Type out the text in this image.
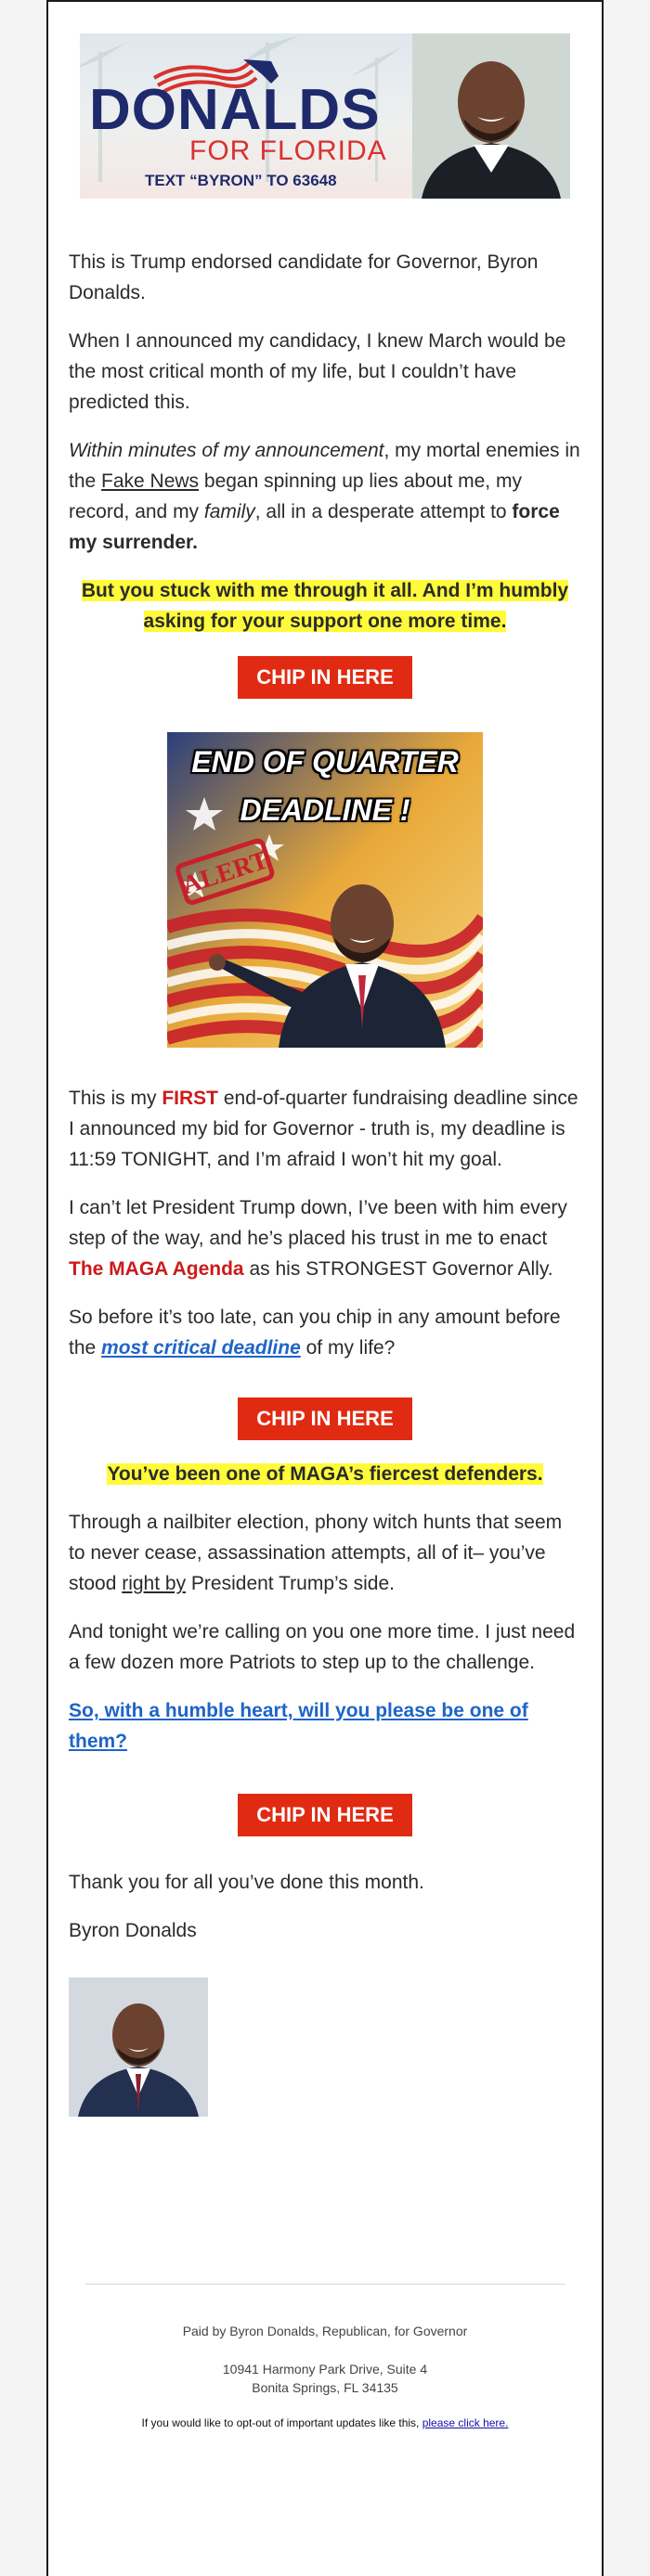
DONALDS
FOR FLORIDA
TEXT “BYRON” TO 63648

This is Trump endorsed candidate for Governor, Byron Donalds.

When I announced my candidacy, I knew March would be the most critical month of my life, but I couldn’t have predicted this.

Within minutes of my announcement, my mortal enemies in the Fake News began spinning up lies about me, my record, and my family, all in a desperate attempt to force my surrender.

But you stuck with me through it all. And I’m humbly asking for your support one more time.

CHIP IN HERE
ALERT
END OF QUARTER
DEADLINE !

This is my FIRST end-of-quarter fundraising deadline since I announced my bid for Governor - truth is, my deadline is 11:59 TONIGHT, and I’m afraid I won’t hit my goal.

I can’t let President Trump down, I’ve been with him every step of the way, and he’s placed his trust in me to enact The MAGA Agenda as his STRONGEST Governor Ally.

So before it’s too late, can you chip in any amount before the most critical deadline of my life?

CHIP IN HERE

You’ve been one of MAGA’s fiercest defenders.

Through a nailbiter election, phony witch hunts that seem to never cease, assassination attempts, all of it– you’ve stood right by President Trump’s side.

And tonight we’re calling on you one more time. I just need a few dozen more Patriots to step up to the challenge.

So, with a humble heart, will you please be one of them?

CHIP IN HERE

Thank you for all you’ve done this month.

Byron Donalds

Paid by Byron Donalds, Republican, for Governor

10941 Harmony Park Drive, Suite 4

Bonita Springs, FL 34135

If you would like to opt-out of important updates like this, please click here.
